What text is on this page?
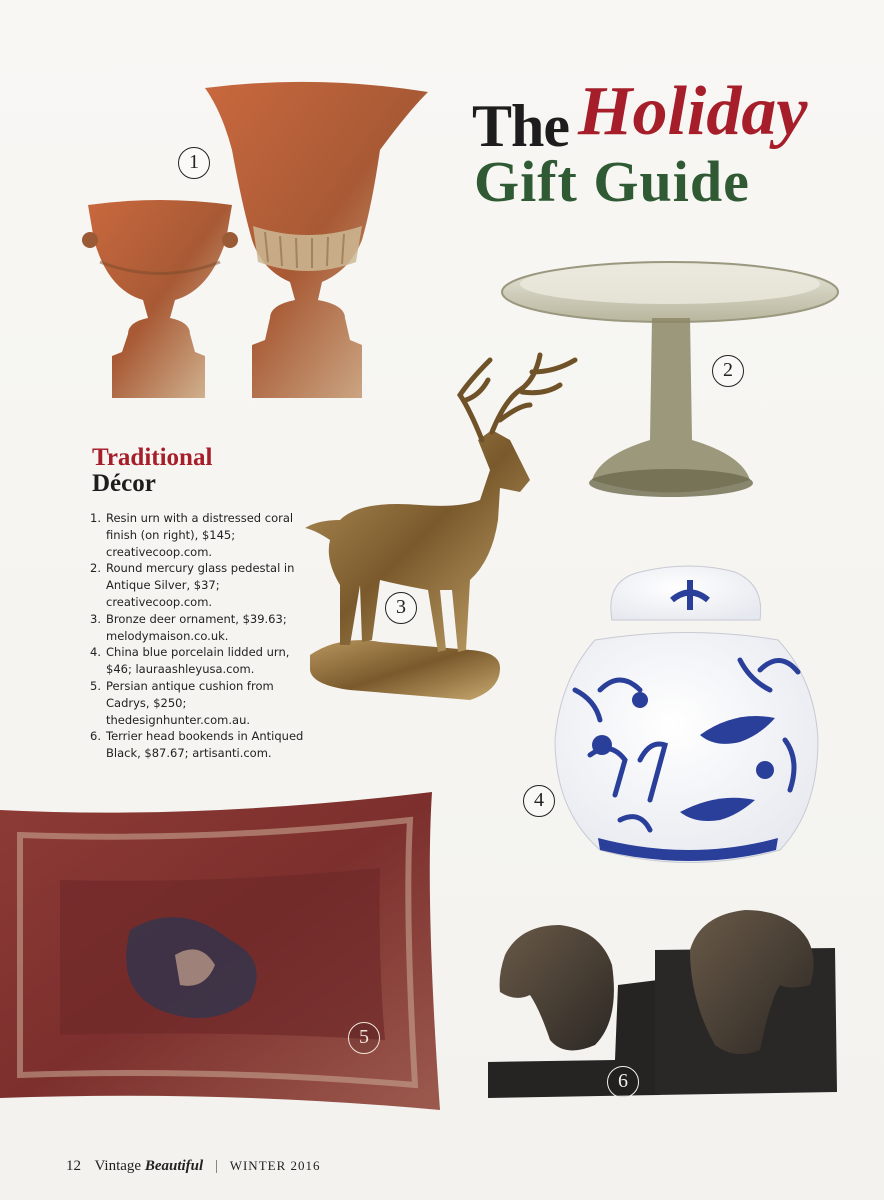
The Holiday
Gift Guide
1
2
3
4
5
6
Traditional
Décor
1. Resin urn with a distressed coral finish (on right), $145; creativecoop.com.
2. Round mercury glass pedestal in Antique Silver, $37; creativecoop.com.
3. Bronze deer ornament, $39.63; melodymaison.co.uk.
4. China blue porcelain lidded urn, $46; lauraashleyusa.com.
5. Persian antique cushion from Cadrys, $250; thedesignhunter.com.au.
6. Terrier head bookends in Antiqued Black, $87.67; artisanti.com.
12 Vintage Beautiful | WINTER 2016
